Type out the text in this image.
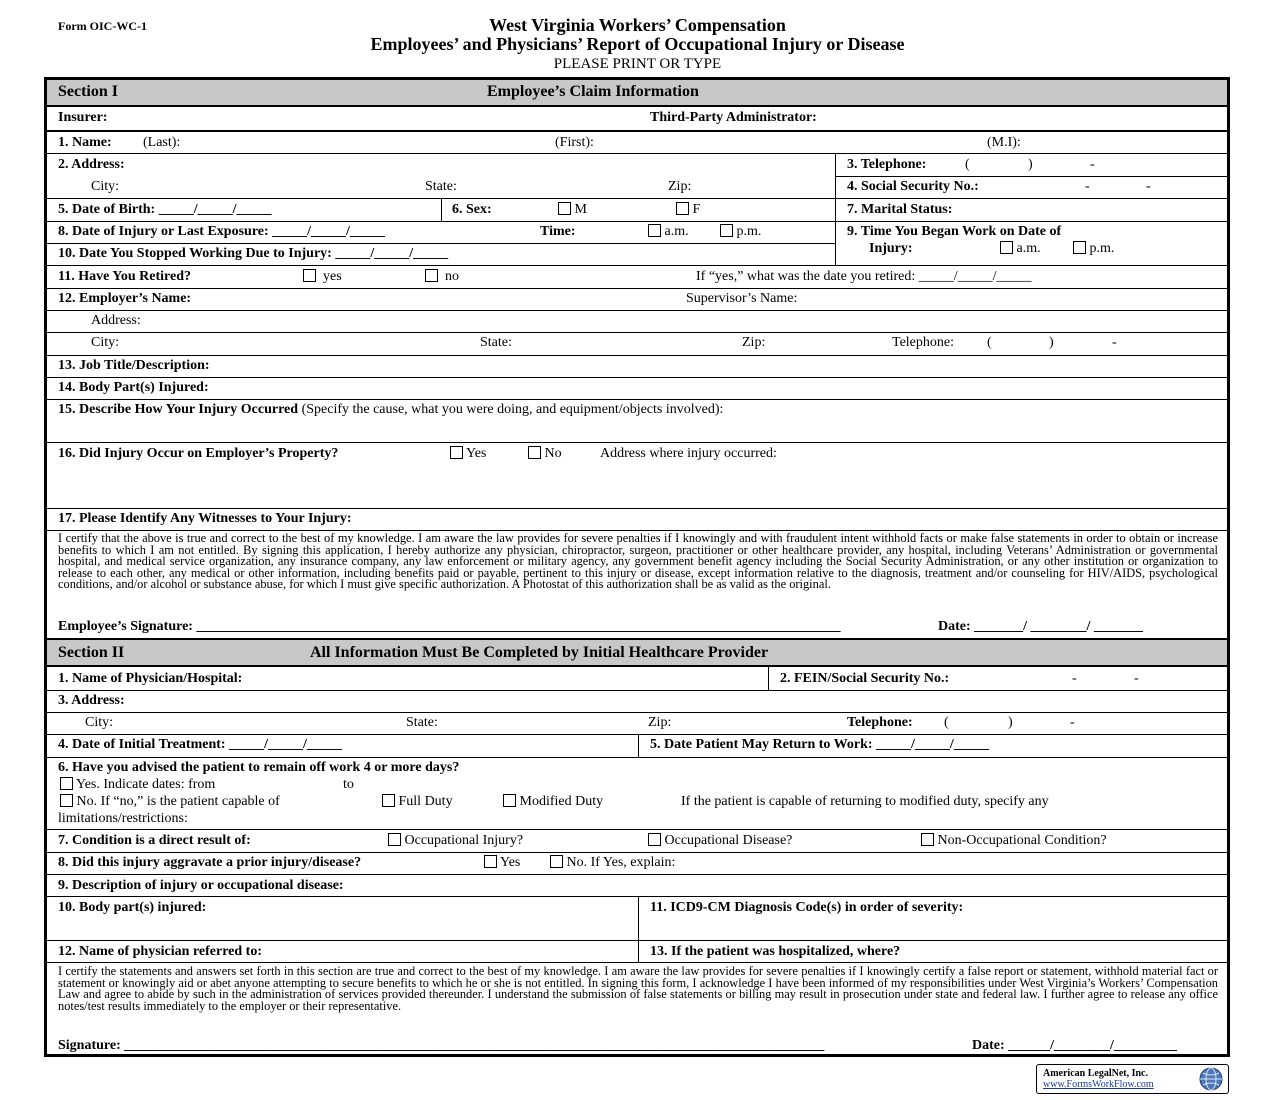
Form OIC-WC-1	West Virginia Workers’ Compensation
Employees’ and Physicians’ Report of Occupational Injury or Disease
PLEASE PRINT OR TYPE
Section I	Employee’s Claim Information
Insurer:	Third-Party Administrator:
1. Name: (Last):	(First):	(M.I):
2. Address:	3. Telephone:	(	)	-
City:	State:	Zip:	4. Social Security No.:	-	-
5. Date of Birth: _____/_____/_____	6. Sex:	M	F	7. Marital Status:
8. Date of Injury or Last Exposure: _____/_____/_____	Time:	a.m.	p.m.	9. Time You Began Work on Date of
Injury:	a.m.	p.m.
10. Date You Stopped Working Due to Injury: _____/_____/_____
11. Have You Retired?	yes	no	If “yes,” what was the date you retired: _____/_____/_____
12. Employer’s Name:	Supervisor’s Name:
Address:
City:	State:	Zip:	Telephone: (	)	-
13. Job Title/Description:
14. Body Part(s) Injured:
15. Describe How Your Injury Occurred (Specify the cause, what you were doing, and equipment/objects involved):
16. Did Injury Occur on Employer’s Property?	Yes	No	Address where injury occurred:
17. Please Identify Any Witnesses to Your Injury:
I certify that the above is true and correct to the best of my knowledge. I am aware the law provides for severe penalties if I knowingly and with fraudulent intent withhold facts or make false statements in order to obtain or increase benefits to which I am not entitled. By signing this application, I hereby authorize any physician, chiropractor, surgeon, practitioner or other healthcare provider, any hospital, including Veterans’ Administration or governmental hospital, and medical service organization, any insurance company, any law enforcement or military agency, any government benefit agency including the Social Security Administration, or any other institution or organization to release to each other, any medical or other information, including benefits paid or payable, pertinent to this injury or disease, except information relative to the diagnosis, treatment and/or counseling for HIV/AIDS, psychological conditions, and/or alcohol or substance abuse, for which I must give specific authorization. A Photostat of this authorization shall be as valid as the original.
Employee’s Signature: ____________________________________________________________________________________________	Date: _______/ ________/ _______
Section II	All Information Must Be Completed by Initial Healthcare Provider
1. Name of Physician/Hospital:	2. FEIN/Social Security No.:	-	-
3. Address:
City:	State:	Zip:	Telephone: (	)	-
4. Date of Initial Treatment: _____/_____/_____	5. Date Patient May Return to Work: _____/_____/_____
6. Have you advised the patient to remain off work 4 or more days?
Yes. Indicate dates: from	to
No. If “no,” is the patient capable of	Full Duty	Modified Duty	If the patient is capable of returning to modified duty, specify any
limitations/restrictions:
7. Condition is a direct result of:	Occupational Injury?	Occupational Disease?	Non-Occupational Condition?
8. Did this injury aggravate a prior injury/disease?	Yes	No. If Yes, explain:
9. Description of injury or occupational disease:
10. Body part(s) injured:	11. ICD9-CM Diagnosis Code(s) in order of severity:
12. Name of physician referred to:	13. If the patient was hospitalized, where?
I certify the statements and answers set forth in this section are true and correct to the best of my knowledge. I am aware the law provides for severe penalties if I knowingly certify a false report or statement, withhold material fact or statement or knowingly aid or abet anyone attempting to secure benefits to which he or she is not entitled. In signing this form, I acknowledge I have been informed of my responsibilities under West Virginia’s Workers’ Compensation Law and agree to abide by such in the administration of services provided thereunder. I understand the submission of false statements or billing may result in prosecution under state and federal law. I further agree to release any office notes/test results immediately to the employer or their representative.
Signature: ____________________________________________________________________________________________________	Date: ______/________/_________
American LegalNet, Inc.
www.FormsWorkFlow.com
